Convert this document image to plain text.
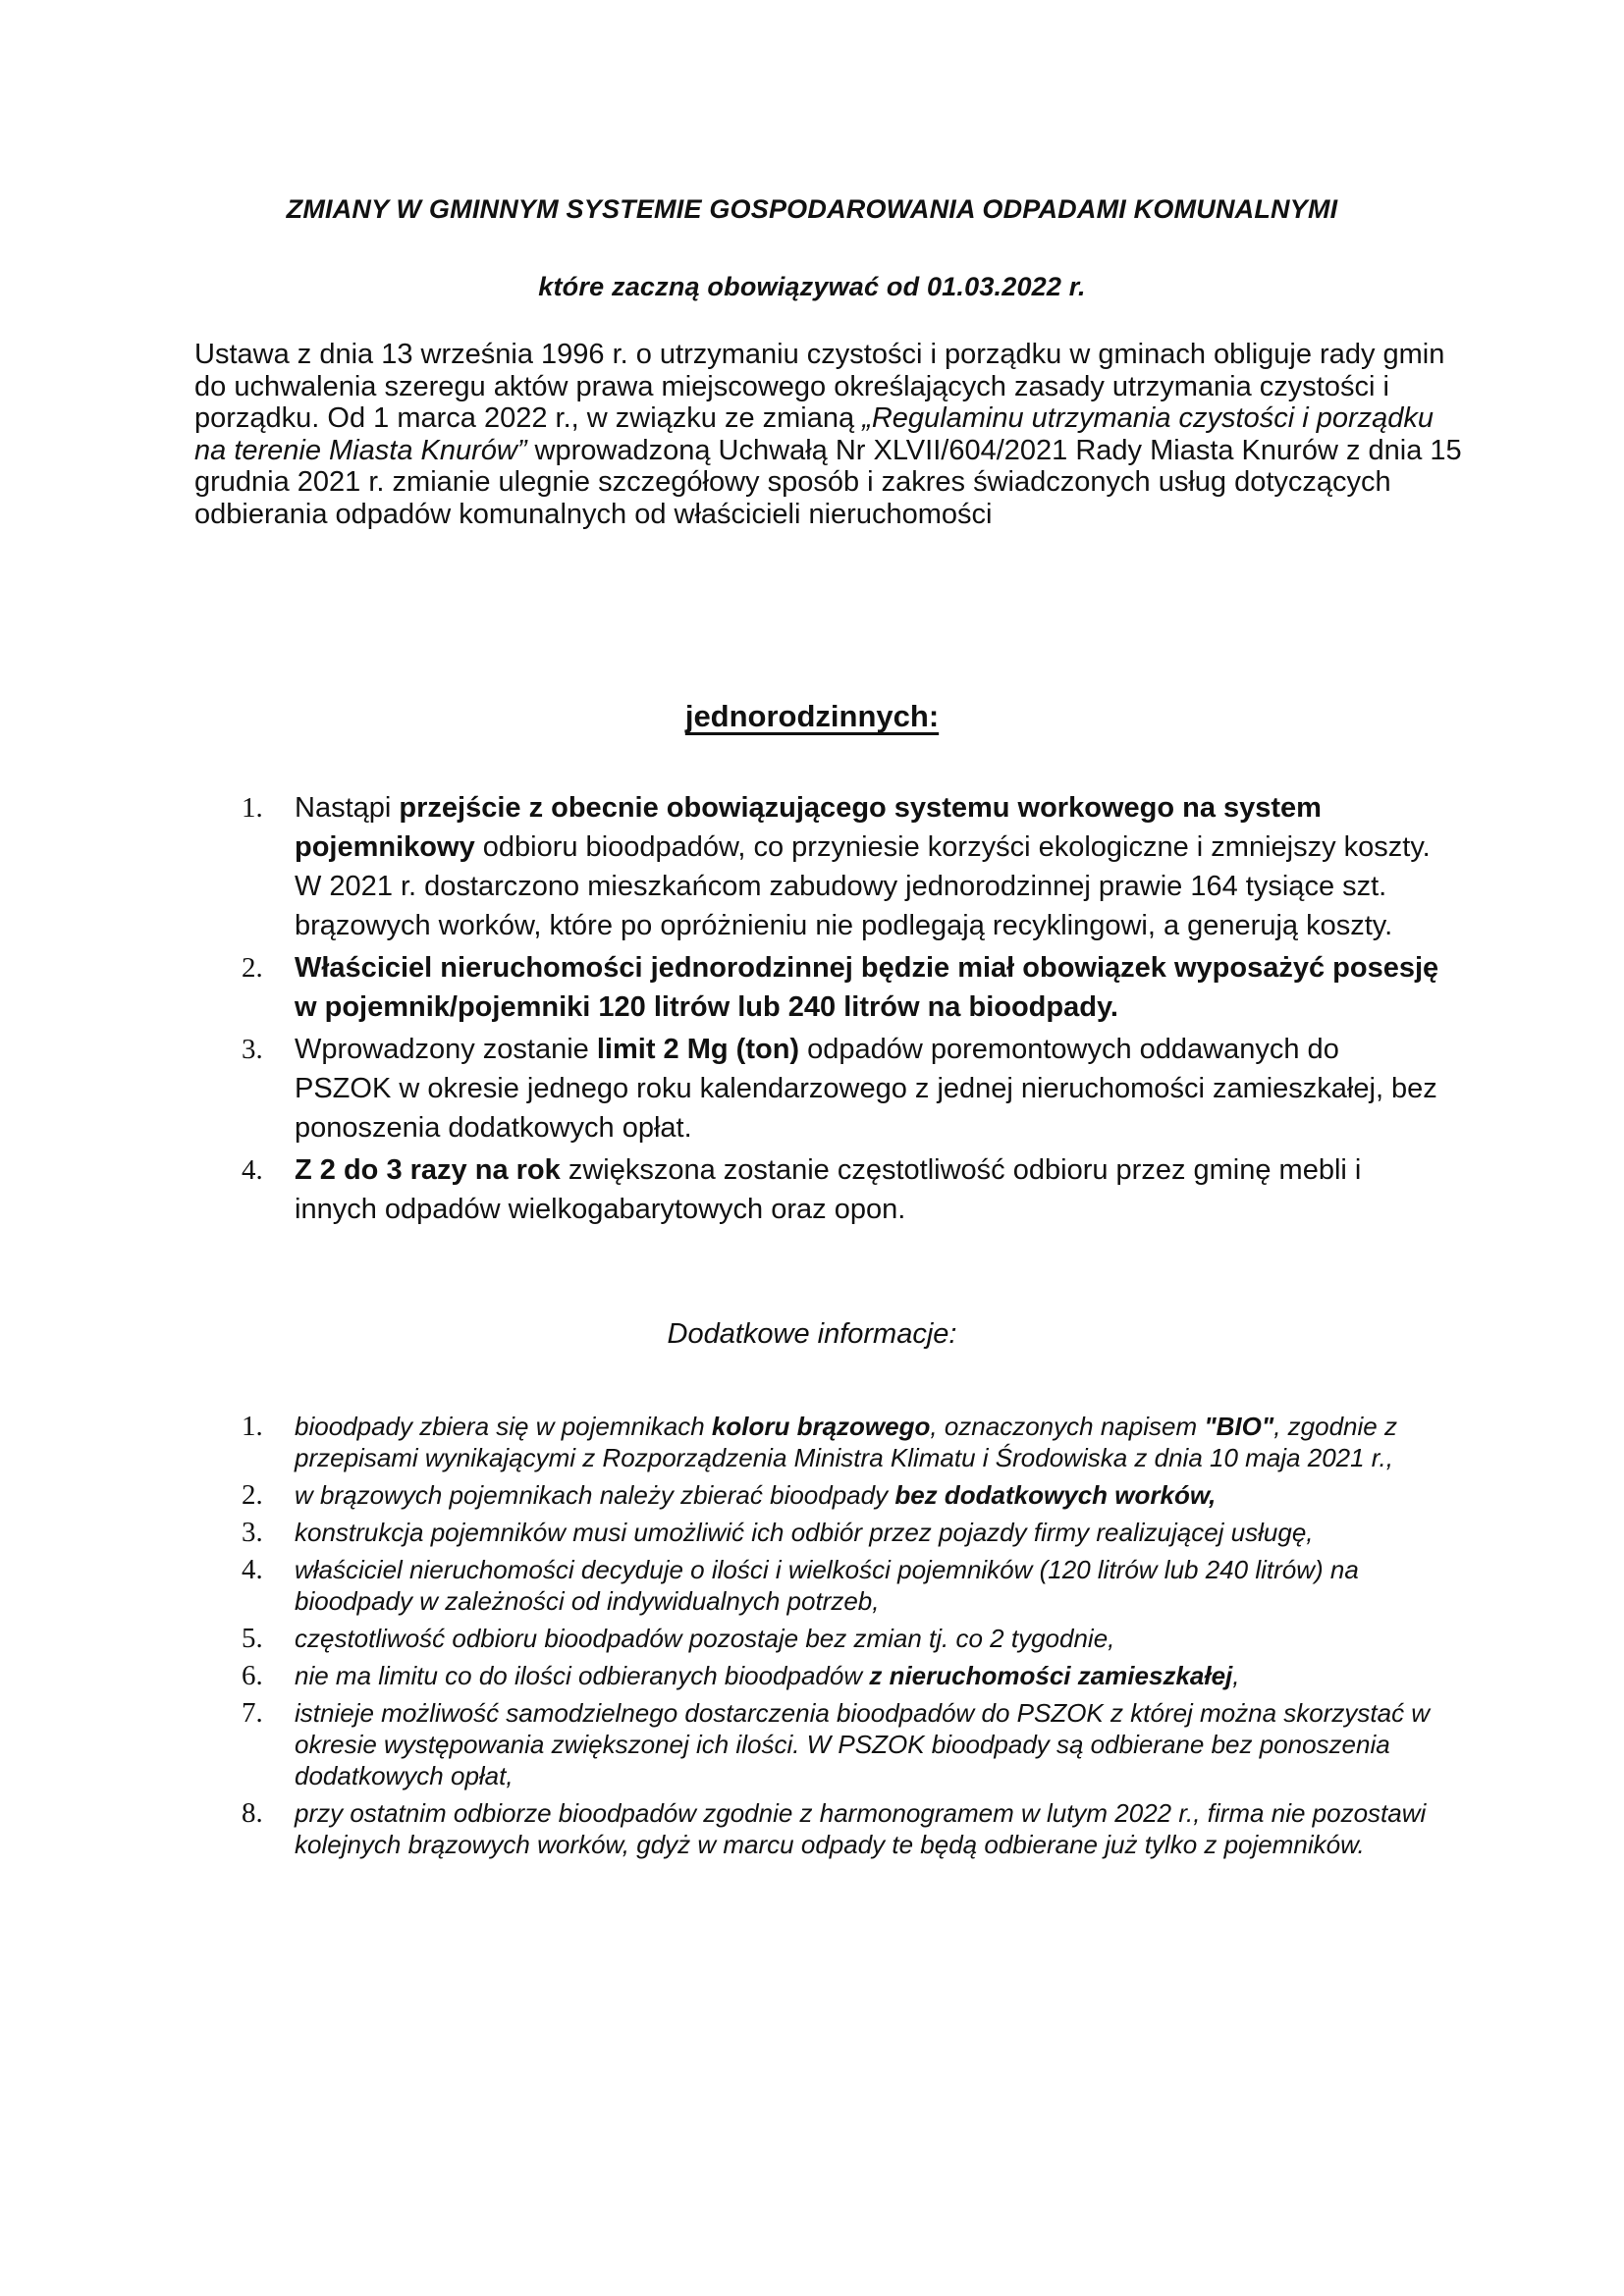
ZMIANY W GMINNYM SYSTEMIE GOSPODAROWANIA ODPADAMI KOMUNALNYMI
które zaczną obowiązywać od 01.03.2022 r.
Ustawa z dnia 13 września 1996 r. o utrzymaniu czystości i porządku w gminach obliguje rady gmin do uchwalenia szeregu aktów prawa miejscowego określających zasady utrzymania czystości i porządku. Od 1 marca 2022 r., w związku ze zmianą „Regulaminu utrzymania czystości i porządku na terenie Miasta Knurów” wprowadzoną Uchwałą Nr XLVII/604/2021 Rady Miasta Knurów z dnia 15 grudnia 2021 r. zmianie ulegnie szczegółowy sposób i zakres świadczonych usług dotyczących odbierania odpadów komunalnych od właścicieli nieruchomości
jednorodzinnych:
1. Nastąpi przejście z obecnie obowiązującego systemu workowego na system pojemnikowy odbioru bioodpadów, co przyniesie korzyści ekologiczne i zmniejszy koszty. W 2021 r. dostarczono mieszkańcom zabudowy jednorodzinnej prawie 164 tysiące szt. brązowych worków, które po opróżnieniu nie podlegają recyklingowi, a generują koszty.
2. Właściciel nieruchomości jednorodzinnej będzie miał obowiązek wyposażyć posesję w pojemnik/pojemniki 120 litrów lub 240 litrów na bioodpady.
3. Wprowadzony zostanie limit 2 Mg (ton) odpadów poremontowych oddawanych do PSZOK w okresie jednego roku kalendarzowego z jednej nieruchomości zamieszkałej, bez ponoszenia dodatkowych opłat.
4. Z 2 do 3 razy na rok zwiększona zostanie częstotliwość odbioru przez gminę mebli i innych odpadów wielkogabarytowych oraz opon.
Dodatkowe informacje:
1. bioodpady zbiera się w pojemnikach koloru brązowego, oznaczonych napisem "BIO", zgodnie z przepisami wynikającymi z Rozporządzenia Ministra Klimatu i Środowiska z dnia 10 maja 2021 r.,
2. w brązowych pojemnikach należy zbierać bioodpady bez dodatkowych worków,
3. konstrukcja pojemników musi umożliwić ich odbiór przez pojazdy firmy realizującej usługę,
4. właściciel nieruchomości decyduje o ilości i wielkości pojemników (120 litrów lub 240 litrów) na bioodpady w zależności od indywidualnych potrzeb,
5. częstotliwość odbioru bioodpadów pozostaje bez zmian tj. co 2 tygodnie,
6. nie ma limitu co do ilości odbieranych bioodpadów z nieruchomości zamieszkałej,
7. istnieje możliwość samodzielnego dostarczenia bioodpadów do PSZOK z której można skorzystać w okresie występowania zwiększonej ich ilości. W PSZOK bioodpady są odbierane bez ponoszenia dodatkowych opłat,
8. przy ostatnim odbiorze bioodpadów zgodnie z harmonogramem w lutym 2022 r., firma nie pozostawi kolejnych brązowych worków, gdyż w marcu odpady te będą odbierane już tylko z pojemników.
